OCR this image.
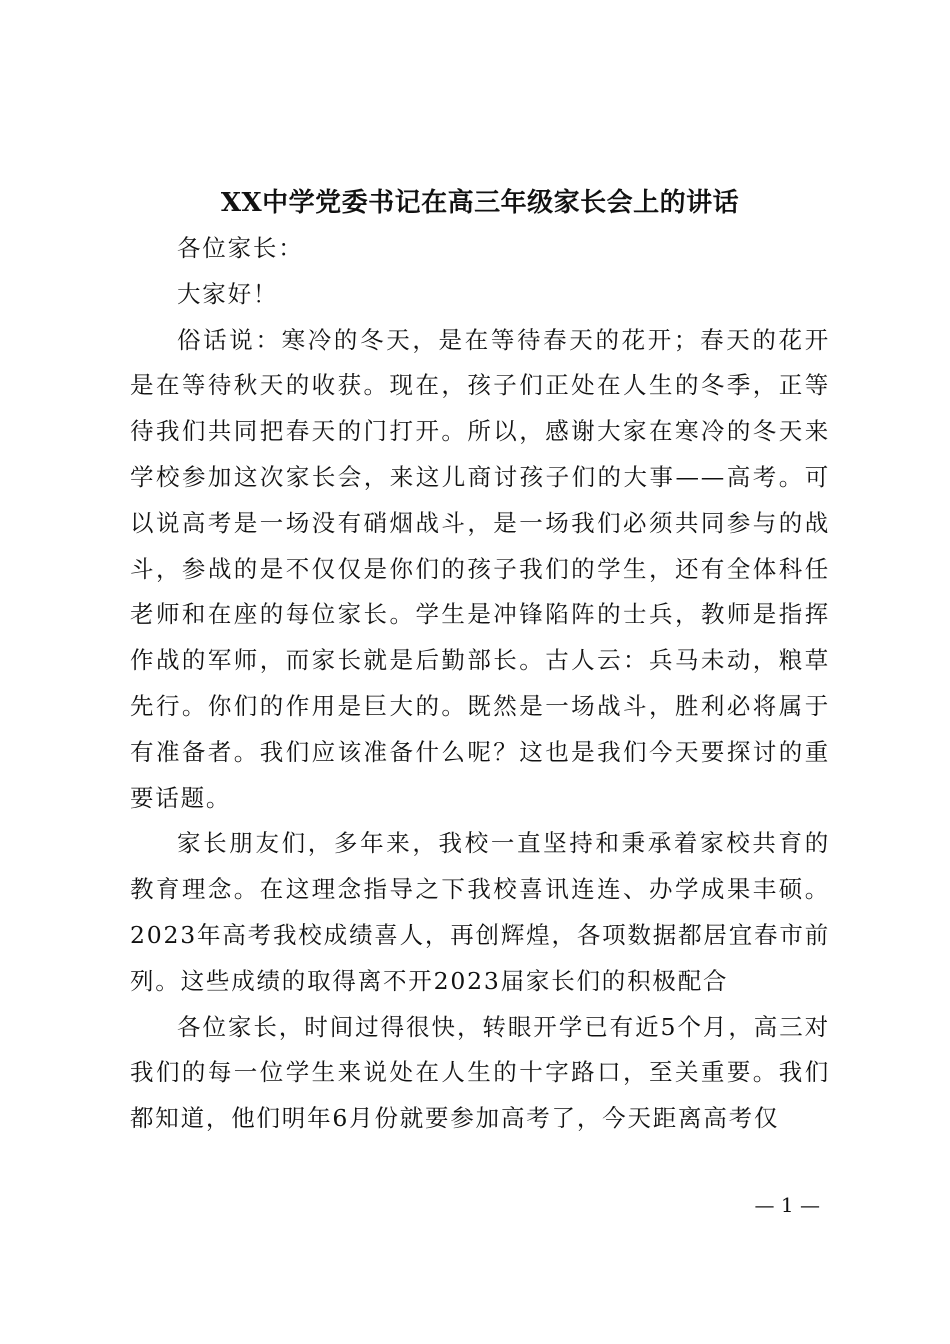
XX中学党委书记在高三年级家长会上的讲话

各位家长：

大家好！

俗话说：寒冷的冬天，是在等待春天的花开；春天的花开是在等待秋天的收获。现在，孩子们正处在人生的冬季，正等待我们共同把春天的门打开。所以，感谢大家在寒冷的冬天来学校参加这次家长会，来这儿商讨孩子们的大事——高考。可以说高考是一场没有硝烟战斗，是一场我们必须共同参与的战斗，参战的是不仅仅是你们的孩子我们的学生，还有全体科任老师和在座的每位家长。学生是冲锋陷阵的士兵，教师是指挥作战的军师，而家长就是后勤部长。古人云：兵马未动，粮草先行。你们的作用是巨大的。既然是一场战斗，胜利必将属于有准备者。我们应该准备什么呢？这也是我们今天要探讨的重要话题。

家长朋友们，多年来，我校一直坚持和秉承着家校共育的教育理念。在这理念指导之下我校喜讯连连、办学成果丰硕。2023年高考我校成绩喜人，再创辉煌，各项数据都居宜春市前列。这些成绩的取得离不开2023届家长们的积极配合

各位家长，时间过得很快，转眼开学已有近5个月，高三对我们的每一位学生来说处在人生的十字路口，至关重要。我们都知道，他们明年6月份就要参加高考了，今天距离高考仅

— 1 —
